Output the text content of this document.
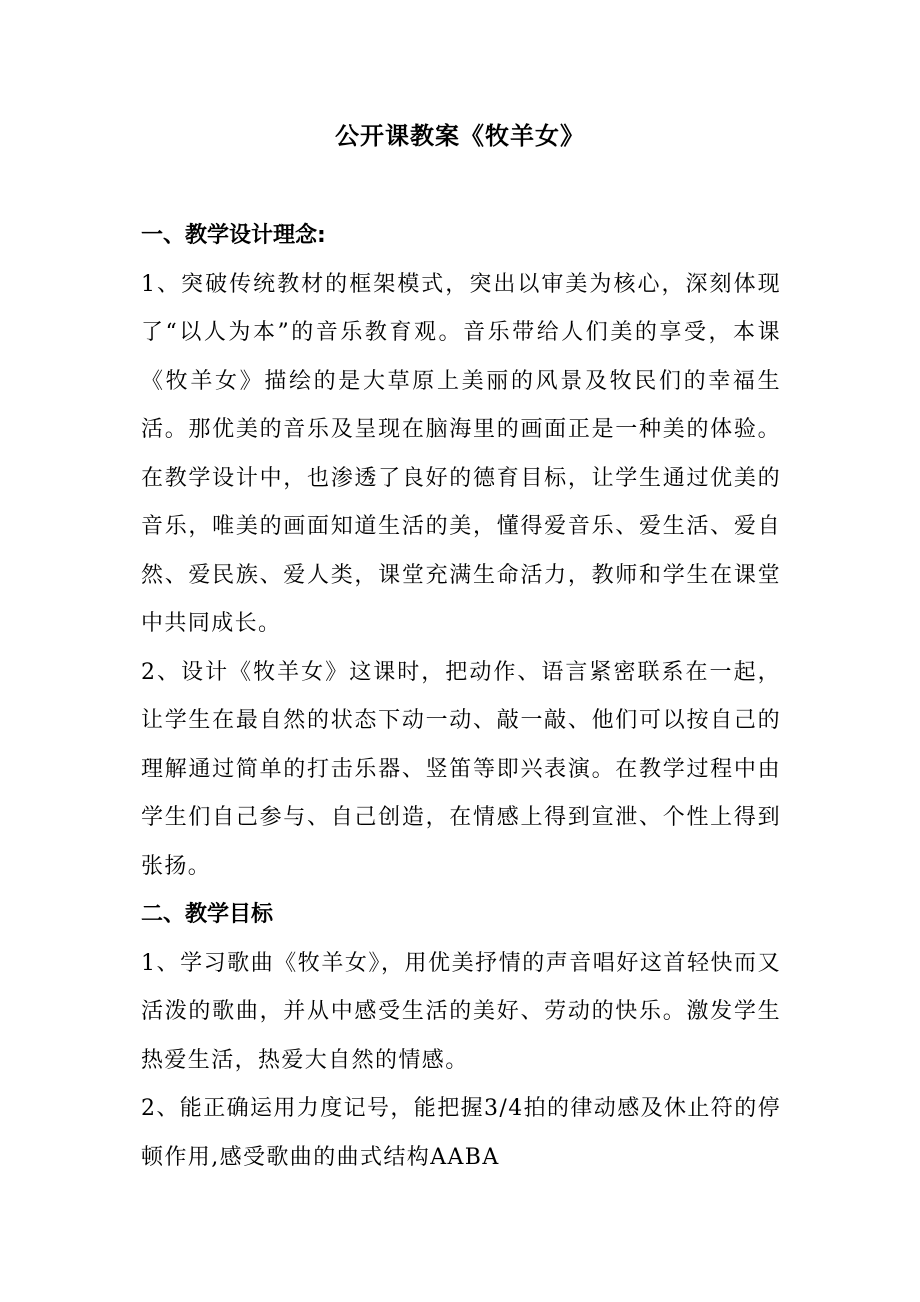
公开课教案《牧羊女》
一、教学设计理念:

1、突破传统教材的框架模式，突出以审美为核心，深刻体现了“以人为本”的音乐教育观。音乐带给人们美的享受，本课《牧羊女》描绘的是大草原上美丽的风景及牧民们的幸福生活。那优美的音乐及呈现在脑海里的画面正是一种美的体验。在教学设计中，也渗透了良好的德育目标，让学生通过优美的音乐，唯美的画面知道生活的美，懂得爱音乐、爱生活、爱自然、爱民族、爱人类，课堂充满生命活力，教师和学生在课堂中共同成长。

2、设计《牧羊女》这课时，把动作、语言紧密联系在一起，让学生在最自然的状态下动一动、敲一敲、他们可以按自己的理解通过简单的打击乐器、竖笛等即兴表演。在教学过程中由学生们自己参与、自己创造，在情感上得到宣泄、个性上得到张扬。

二、教学目标

1、学习歌曲《牧羊女》，用优美抒情的声音唱好这首轻快而又活泼的歌曲，并从中感受生活的美好、劳动的快乐。激发学生热爱生活，热爱大自然的情感。

2、能正确运用力度记号，能把握3/4拍的律动感及休止符的停顿作用,感受歌曲的曲式结构AABA
